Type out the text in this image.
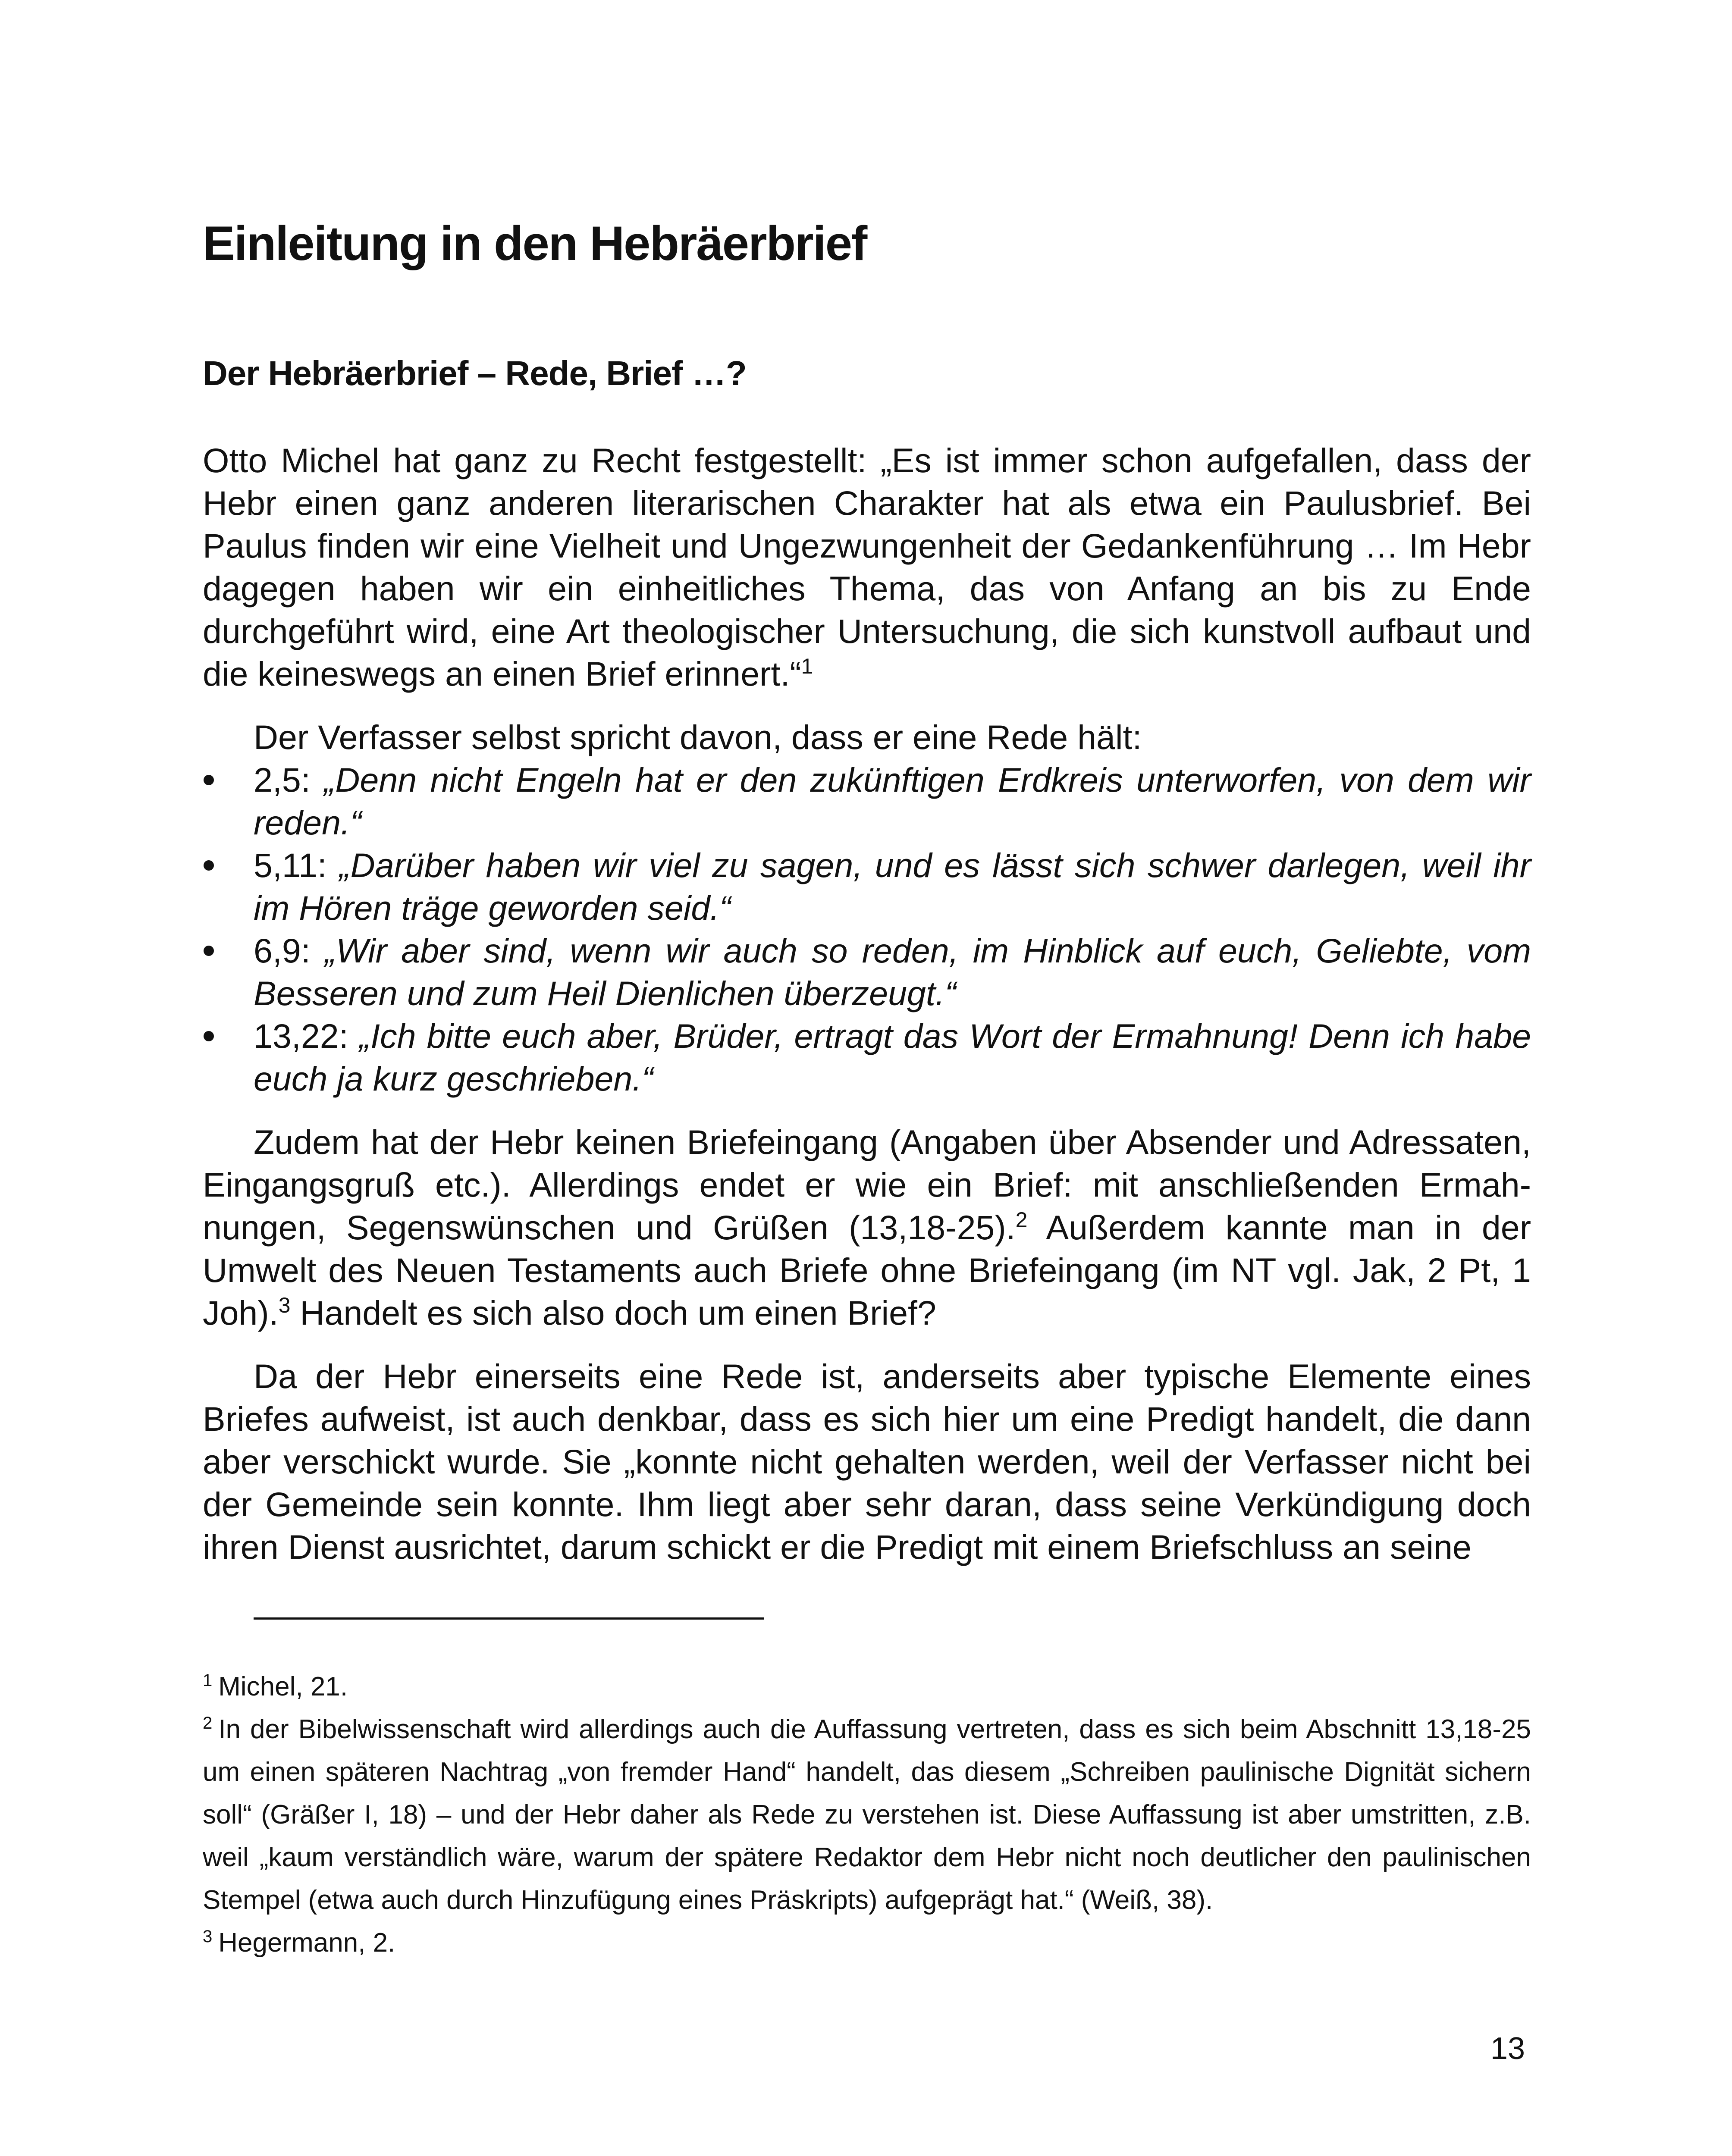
Einleitung in den Hebräerbrief
Der Hebräerbrief – Rede, Brief …?

Otto Michel hat ganz zu Recht festgestellt: „Es ist immer schon aufgefallen, dass der Hebr einen ganz anderen literarischen Charakter hat als etwa ein Paulusbrief. Bei Paulus finden wir eine Vielheit und Ungezwungenheit der Gedankenführung … Im Hebr dagegen haben wir ein einheitliches Thema, das von Anfang an bis zu Ende durchgeführt wird, eine Art theologischer Untersuchung, die sich kunstvoll aufbaut und die keineswegs an einen Brief erinnert.“$^1$

Der Verfasser selbst spricht davon, dass er eine Rede hält:

2,5: „Denn nicht Engeln hat er den zukünftigen Erdkreis unterworfen, von dem wir reden.“
5,11: „Darüber haben wir viel zu sagen, und es lässt sich schwer darlegen, weil ihr im Hören träge geworden seid.“
6,9: „Wir aber sind, wenn wir auch so reden, im Hinblick auf euch, Geliebte, vom Besseren und zum Heil Dienlichen überzeugt.“
13,22: „Ich bitte euch aber, Brüder, ertragt das Wort der Ermahnung! Denn ich habe euch ja kurz geschrieben.“

Zudem hat der Hebr keinen Briefeingang (Angaben über Absender und Adressaten, Eingangsgruß etc.). Allerdings endet er wie ein Brief: mit anschließenden Ermahnungen, Segenswünschen und Grüßen (13,18-25).$^2$ Außerdem kannte man in der Umwelt des Neuen Testaments auch Briefe ohne Briefeingang (im NT vgl. Jak, 2 Pt, 1 Joh).$^3$ Handelt es sich also doch um einen Brief?

Da der Hebr einerseits eine Rede ist, anderseits aber typische Elemente eines Briefes aufweist, ist auch denkbar, dass es sich hier um eine Predigt handelt, die dann aber verschickt wurde. Sie „konnte nicht gehalten werden, weil der Verfasser nicht bei der Gemeinde sein konnte. Ihm liegt aber sehr daran, dass seine Verkündigung doch ihren Dienst ausrichtet, darum schickt er die Predigt mit einem Briefschluss an seine

$^1$ Michel, 21.

$^2$ In der Bibelwissenschaft wird allerdings auch die Auffassung vertreten, dass es sich beim Abschnitt 13,18-25 um einen späteren Nachtrag „von fremder Hand“ handelt, das diesem „Schreiben paulinische Dignität sichern soll“ (Gräßer I, 18) – und der Hebr daher als Rede zu verstehen ist. Diese Auffassung ist aber umstritten, z.B. weil „kaum verständlich wäre, warum der spätere Redaktor dem Hebr nicht noch deutlicher den paulinischen Stempel (etwa auch durch Hinzufügung eines Präskripts) aufgeprägt hat.“ (Weiß, 38).

$^3$ Hegermann, 2.

13
